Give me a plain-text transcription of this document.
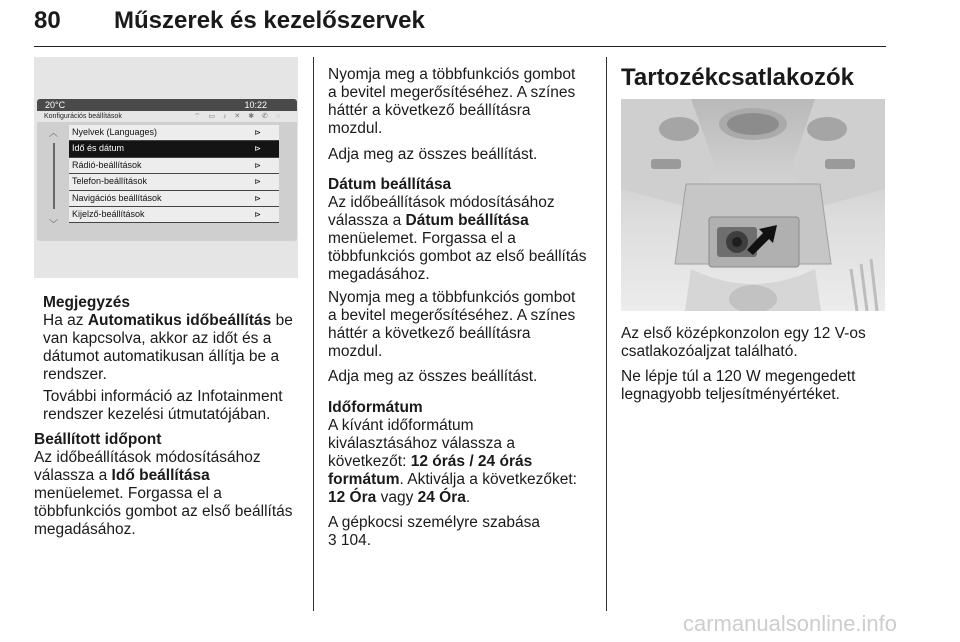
80 Műszerek és kezelőszervek
20°C	10:22
Konfigurációs beállítások	⌔ ▭ ♪ ✕ ✱ ✆ ◌
︿
﹀
Nyelvek (Languages)	⊳
Idő és dátum	⊳
Rádió-beállítások	⊳
Telefon-beállítások	⊳
Navigációs beállítások	⊳
Kijelző-beállítások	⊳

Megjegyzés

Ha az Automatikus időbeállítás be
van kapcsolva, akkor az időt és a
dátumot automatikusan állítja be a
rendszer.

További információ az Infotainment
rendszer kezelési útmutatójában.

Beállított időpont

Az időbeállítások módosításához
válassza a Idő beállítása
menüelemet. Forgassa el a
többfunkciós gombot az első beállítás
megadásához.

Nyomja meg a többfunkciós gombot
a bevitel megerősítéséhez. A színes
háttér a következő beállításra
mozdul.

Adja meg az összes beállítást.

Dátum beállítása

Az időbeállítások módosításához
válassza a Dátum beállítása
menüelemet. Forgassa el a
többfunkciós gombot az első beállítás
megadásához.

Nyomja meg a többfunkciós gombot
a bevitel megerősítéséhez. A színes
háttér a következő beállításra
mozdul.

Adja meg az összes beállítást.

Időformátum

A kívánt időformátum
kiválasztásához válassza a
következőt: 12 órás / 24 órás
formátum. Aktiválja a következőket:
12 Óra vagy 24 Óra.

A gépkocsi személyre szabása
3 104.

Tartozékcsatlakozók

Az első középkonzolon egy 12 V-os
csatlakozóaljzat található.

Ne lépje túl a 120 W megengedett
legnagyobb teljesítményértéket.

carmanualsonline.info
